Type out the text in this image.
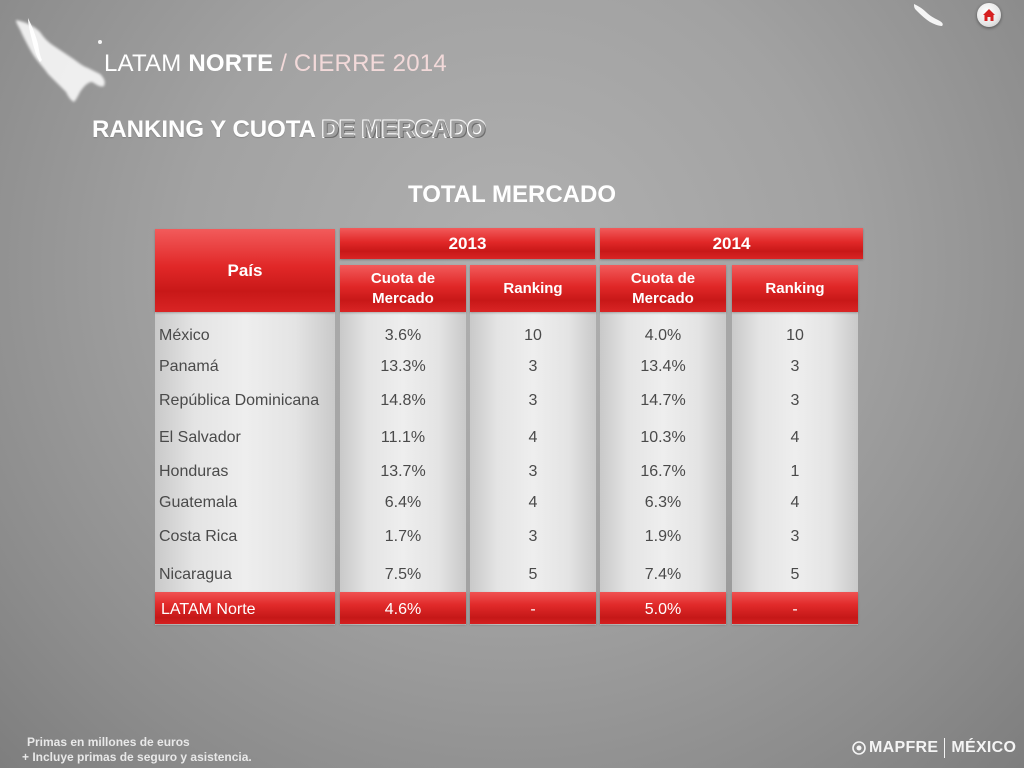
LATAM NORTE / CIERRE 2014
RANKING Y CUOTA DE MERCADO
TOTAL MERCADO
País
2013	2014
Cuota de Mercado
Ranking
Cuota de Mercado
Ranking
México	3.6%	10	4.0%	10
Panamá	13.3%	3	13.4%	3
República Dominicana	14.8%	3	14.7%	3
El Salvador	11.1%	4	10.3%	4
Honduras	13.7%	3	16.7%	1
Guatemala	6.4%	4	6.3%	4
Costa Rica	1.7%	3	1.9%	3
Nicaragua	7.5%	5	7.4%	5
LATAM Norte	4.6%	-	5.0%	-
Primas en millones de euros
+ Incluye primas de seguro y asistencia.
MAPFRE MÉXICO
